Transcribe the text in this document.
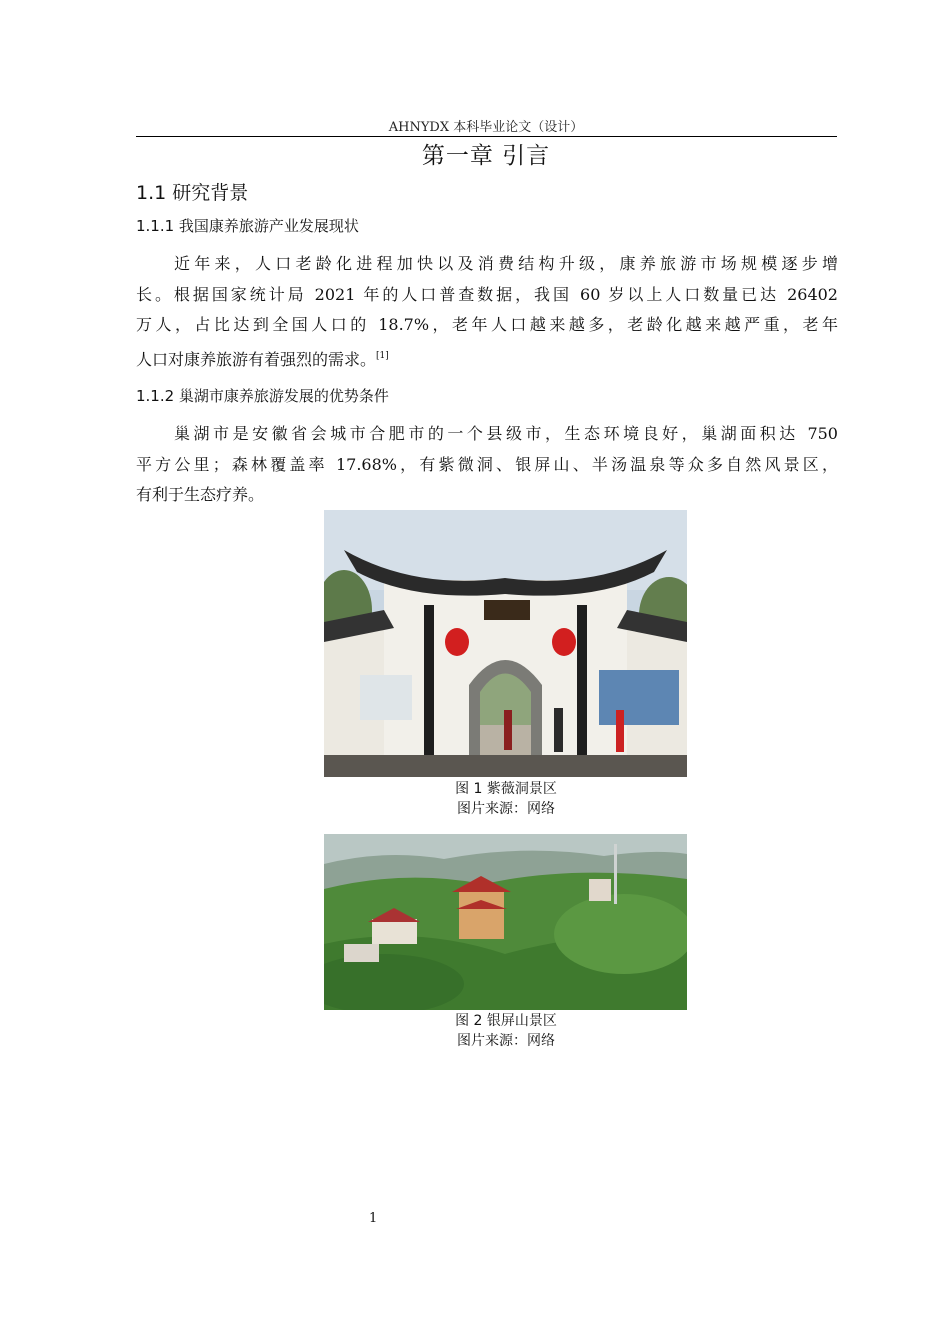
AHNYDX 本科毕业论文（设计）
第一章 引言
1.1 研究背景
1.1.1 我国康养旅游产业发展现状
近年来，人口老龄化进程加快以及消费结构升级，康养旅游市场规模逐步增
长。根据国家统计局 2021 年的人口普查数据，我国 60 岁以上人口数量已达 26402
万人，占比达到全国人口的 18.7%，老年人口越来越多，老龄化越来越严重，老年
人口对康养旅游有着强烈的需求。[1]
1.1.2 巢湖市康养旅游发展的优势条件
巢湖市是安徽省会城市合肥市的一个县级市，生态环境良好，巢湖面积达 750
平方公里；森林覆盖率 17.68%，有紫微洞、银屏山、半汤温泉等众多自然风景区，
有利于生态疗养。
图 1 紫薇洞景区
图片来源：网络
图 2 银屏山景区
图片来源：网络
1
